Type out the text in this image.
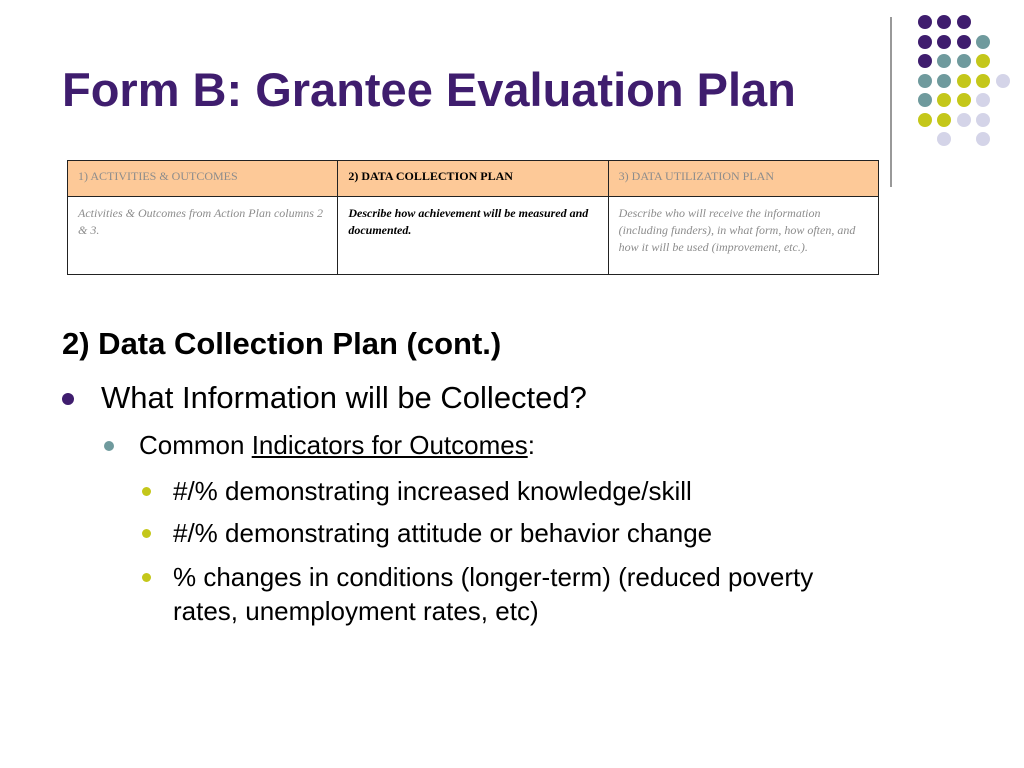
Form B: Grantee Evaluation Plan
1) ACTIVITIES & OUTCOMES	2) DATA COLLECTION PLAN	3) DATA UTILIZATION PLAN
Activities & Outcomes from Action Plan columns 2 & 3.	Describe how achievement will be measured and documented.	Describe who will receive the information (including funders), in what form, how often, and how it will be used (improvement, etc.).
2) Data Collection Plan (cont.)
What Information will be Collected?
Common Indicators for Outcomes:
#/% demonstrating increased knowledge/skill
#/% demonstrating attitude or behavior change
% changes in conditions (longer-term) (reduced poverty rates, unemployment rates, etc)
